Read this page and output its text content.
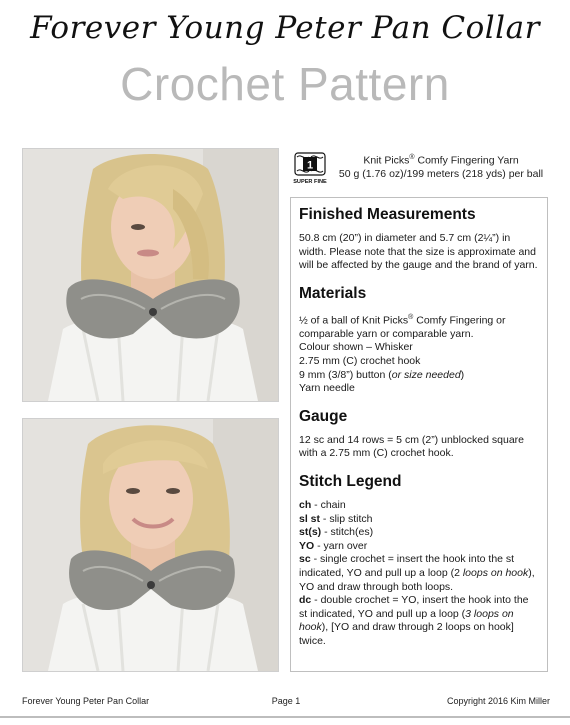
Forever Young Peter Pan Collar
Crochet Pattern
1
SUPER FINE
Knit Picks® Comfy Fingering Yarn
50 g (1.76 oz)/199 meters (218 yds) per ball
Finished Measurements

50.8 cm (20”) in diameter and 5.7 cm (2¼”) in width. Please note that the size is approximate and will be affected by the gauge and the brand of yarn.

Materials
½ of a ball of Knit Picks® Comfy Fingering or comparable yarn or comparable yarn.
Colour shown – Whisker
2.75 mm (C) crochet hook
9 mm (3/8”) button (or size needed)
Yarn needle
Gauge

12 sc and 14 rows = 5 cm (2”) unblocked square with a 2.75 mm (C) crochet hook.

Stitch Legend
ch - chain
sl st - slip stitch
st(s) - stitch(es)
YO - yarn over
sc - single crochet = insert the hook into the st indicated, YO and pull up a loop (2 loops on hook), YO and draw through both loops.
dc - double crochet = YO, insert the hook into the st indicated, YO and pull up a loop (3 loops on hook), [YO and draw through 2 loops on hook] twice.
Forever Young Peter Pan Collar	Page 1	Copyright 2016 Kim Miller
